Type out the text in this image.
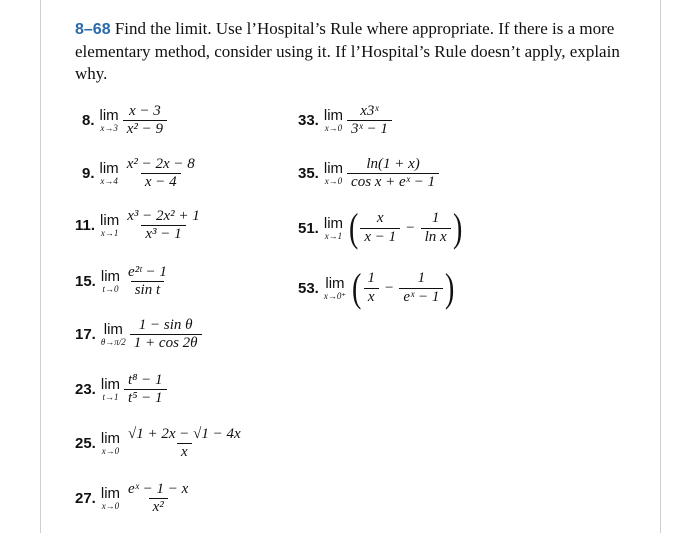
8–68 Find the limit. Use l’Hospital’s Rule where appropriate. If there is a more elementary method, consider using it. If l’Hospital’s Rule doesn’t apply, explain why.
8. lim
$x\to 3 \frac{x - 3}{\text{x² − 9}}$
9. lim
$x\to 4 \frac{\text{x² − 2x − 8}}{x - 4}$
11. lim
$x\to 1 \frac{\text{x³ − 2x² + 1}}{\text{x³ − 1}}$
15. lim
$t\to 0 \frac{\text{e²ᵗ − 1}}{\text{sin t}}$
17. lim
$\theta\to\pi/2 \frac{\text{1 − sin θ}}{1 + \cos 2\theta}$
23. lim
$t\to 1 \frac{\text{t⁸ − 1}}{\text{t⁵ − 1}}$
25. lim
$x\to 0 \frac{√1 + 2x - √1 - 4x}{x}$
27. lim
$x\to 0 \frac{\text{eˣ − 1 − x}}{\text{x²}}$
33. lim
$x\to 0 \frac{\text{x3ˣ}}{\text{3ˣ − 1}}$
35. lim
$x\to 0 \frac{\ln(1 + x)}{\text{cos x + eˣ − 1}}$
51. lim
x→1 ( $\frac{x}{x - 1} - \frac{1}{\text{ln x}}$ )
53. lim
x→0⁺ ( $\frac{1}{x} - \frac{1}{\text{eˣ − 1}}$ )
